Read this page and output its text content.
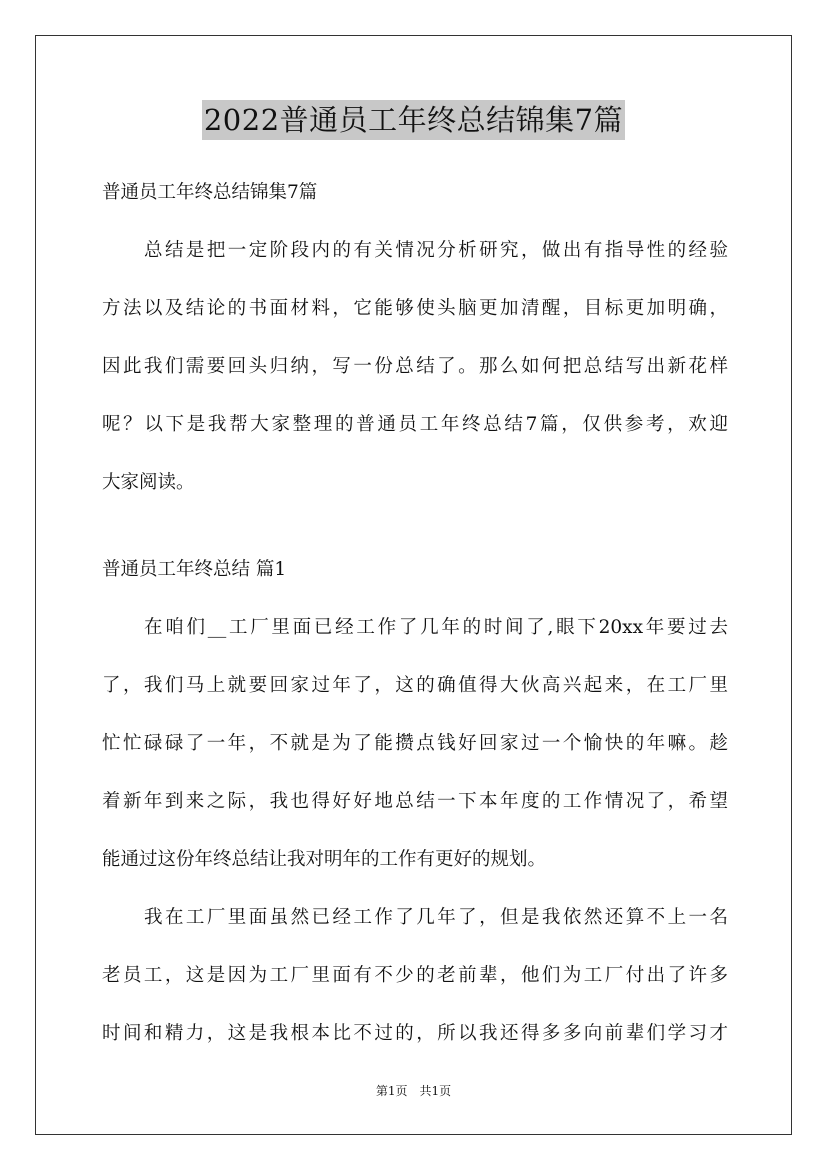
2022普通员工年终总结锦集7篇
普通员工年终总结锦集7篇
总结是把一定阶段内的有关情况分析研究，做出有指导性的经验
方法以及结论的书面材料，它能够使头脑更加清醒，目标更加明确，
因此我们需要回头归纳，写一份总结了。那么如何把总结写出新花样
呢？以下是我帮大家整理的普通员工年终总结7篇，仅供参考，欢迎
大家阅读。
普通员工年终总结 篇1
在咱们__工厂里面已经工作了几年的时间了,眼下20xx年要过去
了，我们马上就要回家过年了，这的确值得大伙高兴起来，在工厂里
忙忙碌碌了一年，不就是为了能攒点钱好回家过一个愉快的年嘛。趁
着新年到来之际，我也得好好地总结一下本年度的工作情况了，希望
能通过这份年终总结让我对明年的工作有更好的规划。
我在工厂里面虽然已经工作了几年了，但是我依然还算不上一名
老员工，这是因为工厂里面有不少的老前辈，他们为工厂付出了许多
时间和精力，这是我根本比不过的，所以我还得多多向前辈们学习才
第1页　共1页
